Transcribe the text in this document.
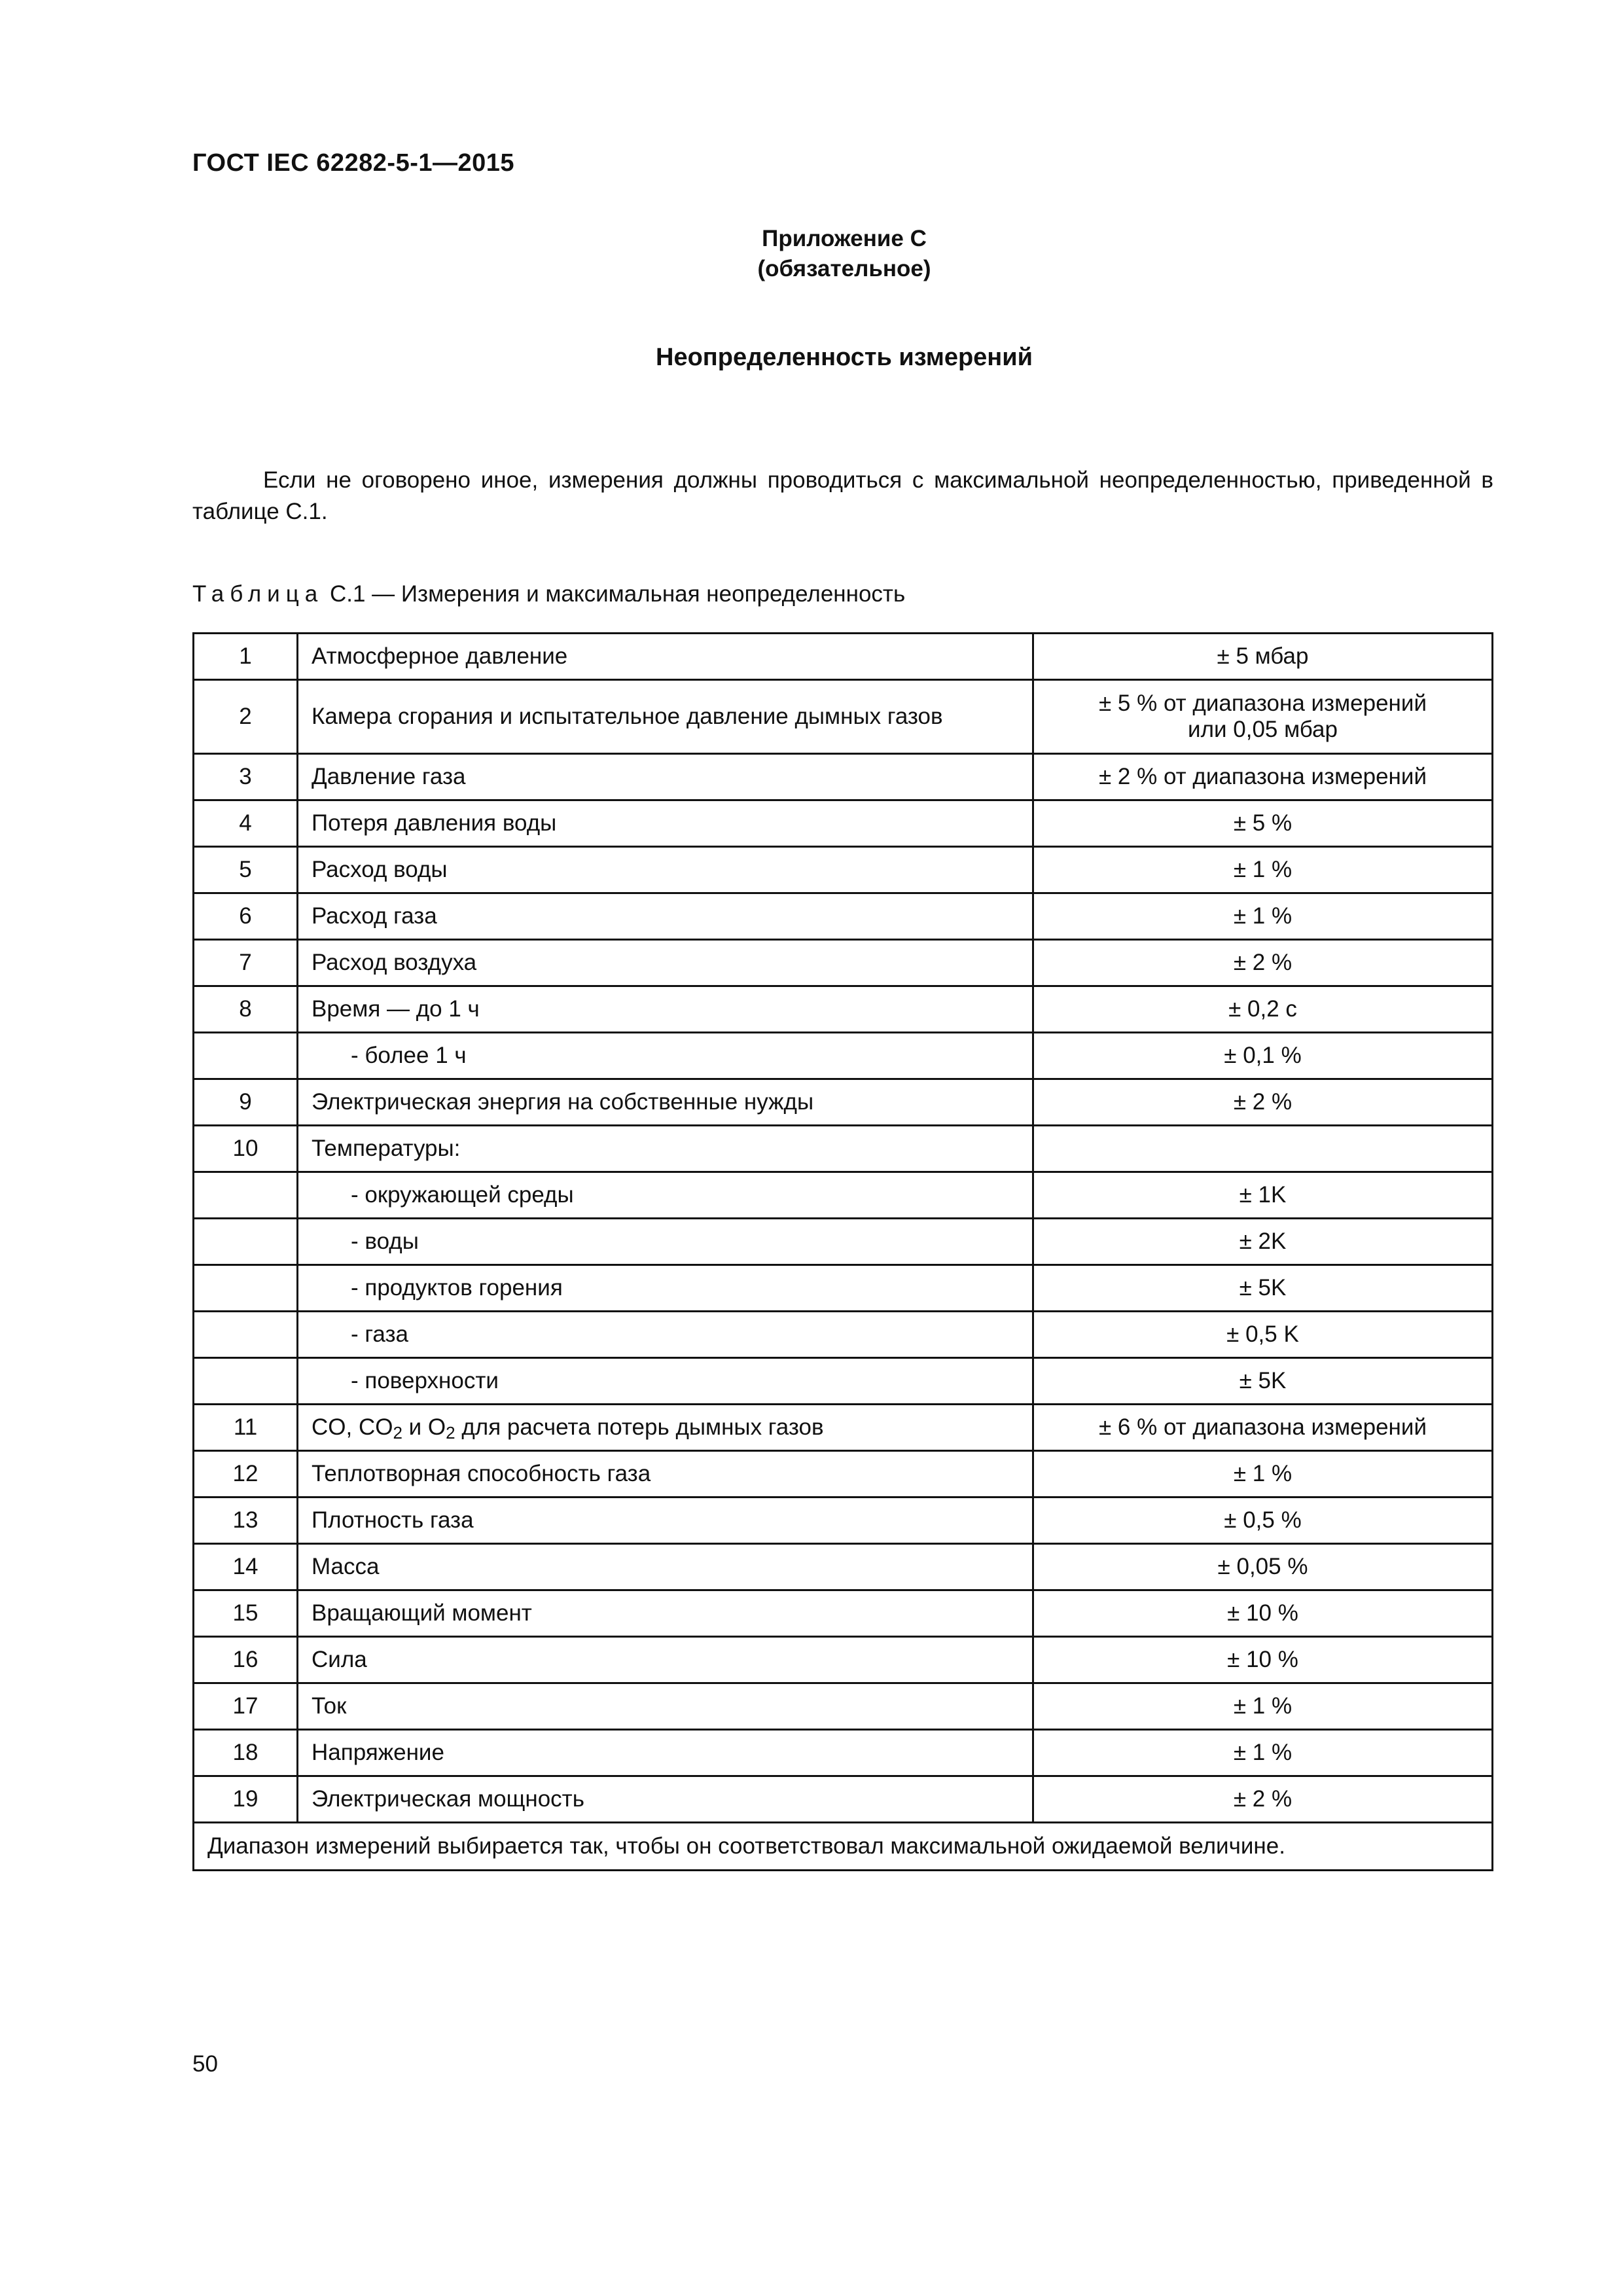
ГОСТ IEC 62282-5-1—2015
Приложение С
(обязательное)
Неопределенность измерений
Если не оговорено иное, измерения должны проводиться с максимальной неопределенностью, приведенной в таблице С.1.
Таблица С.1 — Измерения и максимальная неопределенность
1	Атмосферное давление	± 5 мбар
2	Камера сгорания и испытательное давление дымных газов	± 5 % от диапазона измерений
или 0,05 мбар

3	Давление газа	± 2 % от диапазона измерений
4	Потеря давления воды	± 5 %
5	Расход воды	± 1 %
6	Расход газа	± 1 %
7	Расход воздуха	± 2 %
8	Время — до 1 ч	± 0,2 с
	- более 1 ч	± 0,1 %
9	Электрическая энергия на собственные нужды	± 2 %
10	Температуры:	
	- окружающей среды	± 1K
	- воды	± 2K
	- продуктов горения	± 5K
	- газа	± 0,5 K
	- поверхности	± 5K
11	CO, $CO_2$ и $O_2$ для расчета потерь дымных газов	± 6 % от диапазона измерений
12	Теплотворная способность газа	± 1 %
13	Плотность газа	± 0,5 %
14	Масса	± 0,05 %
15	Вращающий момент	± 10 %
16	Сила	± 10 %
17	Ток	± 1 %
18	Напряжение	± 1 %
19	Электрическая мощность	± 2 %
Диапазон измерений выбирается так, чтобы он соответствовал максимальной ожидаемой величине.		
50
